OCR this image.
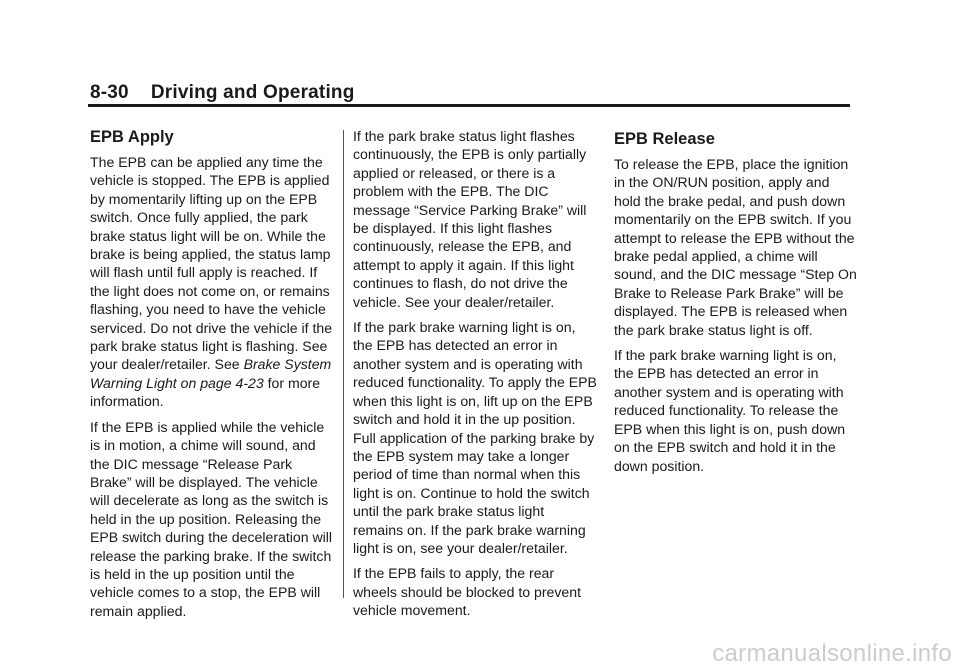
8-30 Driving and Operating
EPB Apply

The EPB can be applied any time the vehicle is stopped. The EPB is applied by momentarily lifting up on the EPB switch. Once fully applied, the park brake status light will be on. While the brake is being applied, the status lamp will flash until full apply is reached. If the light does not come on, or remains flashing, you need to have the vehicle serviced. Do not drive the vehicle if the park brake status light is flashing. See your dealer/retailer. See Brake System Warning Light on page 4‑23 for more information.

If the EPB is applied while the vehicle is in motion, a chime will sound, and the DIC message “Release Park Brake” will be displayed. The vehicle will decelerate as long as the switch is held in the up position. Releasing the EPB switch during the deceleration will release the parking brake. If the switch is held in the up position until the vehicle comes to a stop, the EPB will remain applied.

If the park brake status light flashes continuously, the EPB is only partially applied or released, or there is a problem with the EPB. The DIC message “Service Parking Brake” will be displayed. If this light flashes continuously, release the EPB, and attempt to apply it again. If this light continues to flash, do not drive the vehicle. See your dealer/retailer.

If the park brake warning light is on, the EPB has detected an error in another system and is operating with reduced functionality. To apply the EPB when this light is on, lift up on the EPB switch and hold it in the up position. Full application of the parking brake by the EPB system may take a longer period of time than normal when this light is on. Continue to hold the switch until the park brake status light remains on. If the park brake warning light is on, see your dealer/retailer.

If the EPB fails to apply, the rear wheels should be blocked to prevent vehicle movement.

EPB Release

To release the EPB, place the ignition in the ON/RUN position, apply and hold the brake pedal, and push down momentarily on the EPB switch. If you attempt to release the EPB without the brake pedal applied, a chime will sound, and the DIC message “Step On Brake to Release Park Brake” will be displayed. The EPB is released when the park brake status light is off.

If the park brake warning light is on, the EPB has detected an error in another system and is operating with reduced functionality. To release the EPB when this light is on, push down on the EPB switch and hold it in the down position.

carmanualsonline.info
